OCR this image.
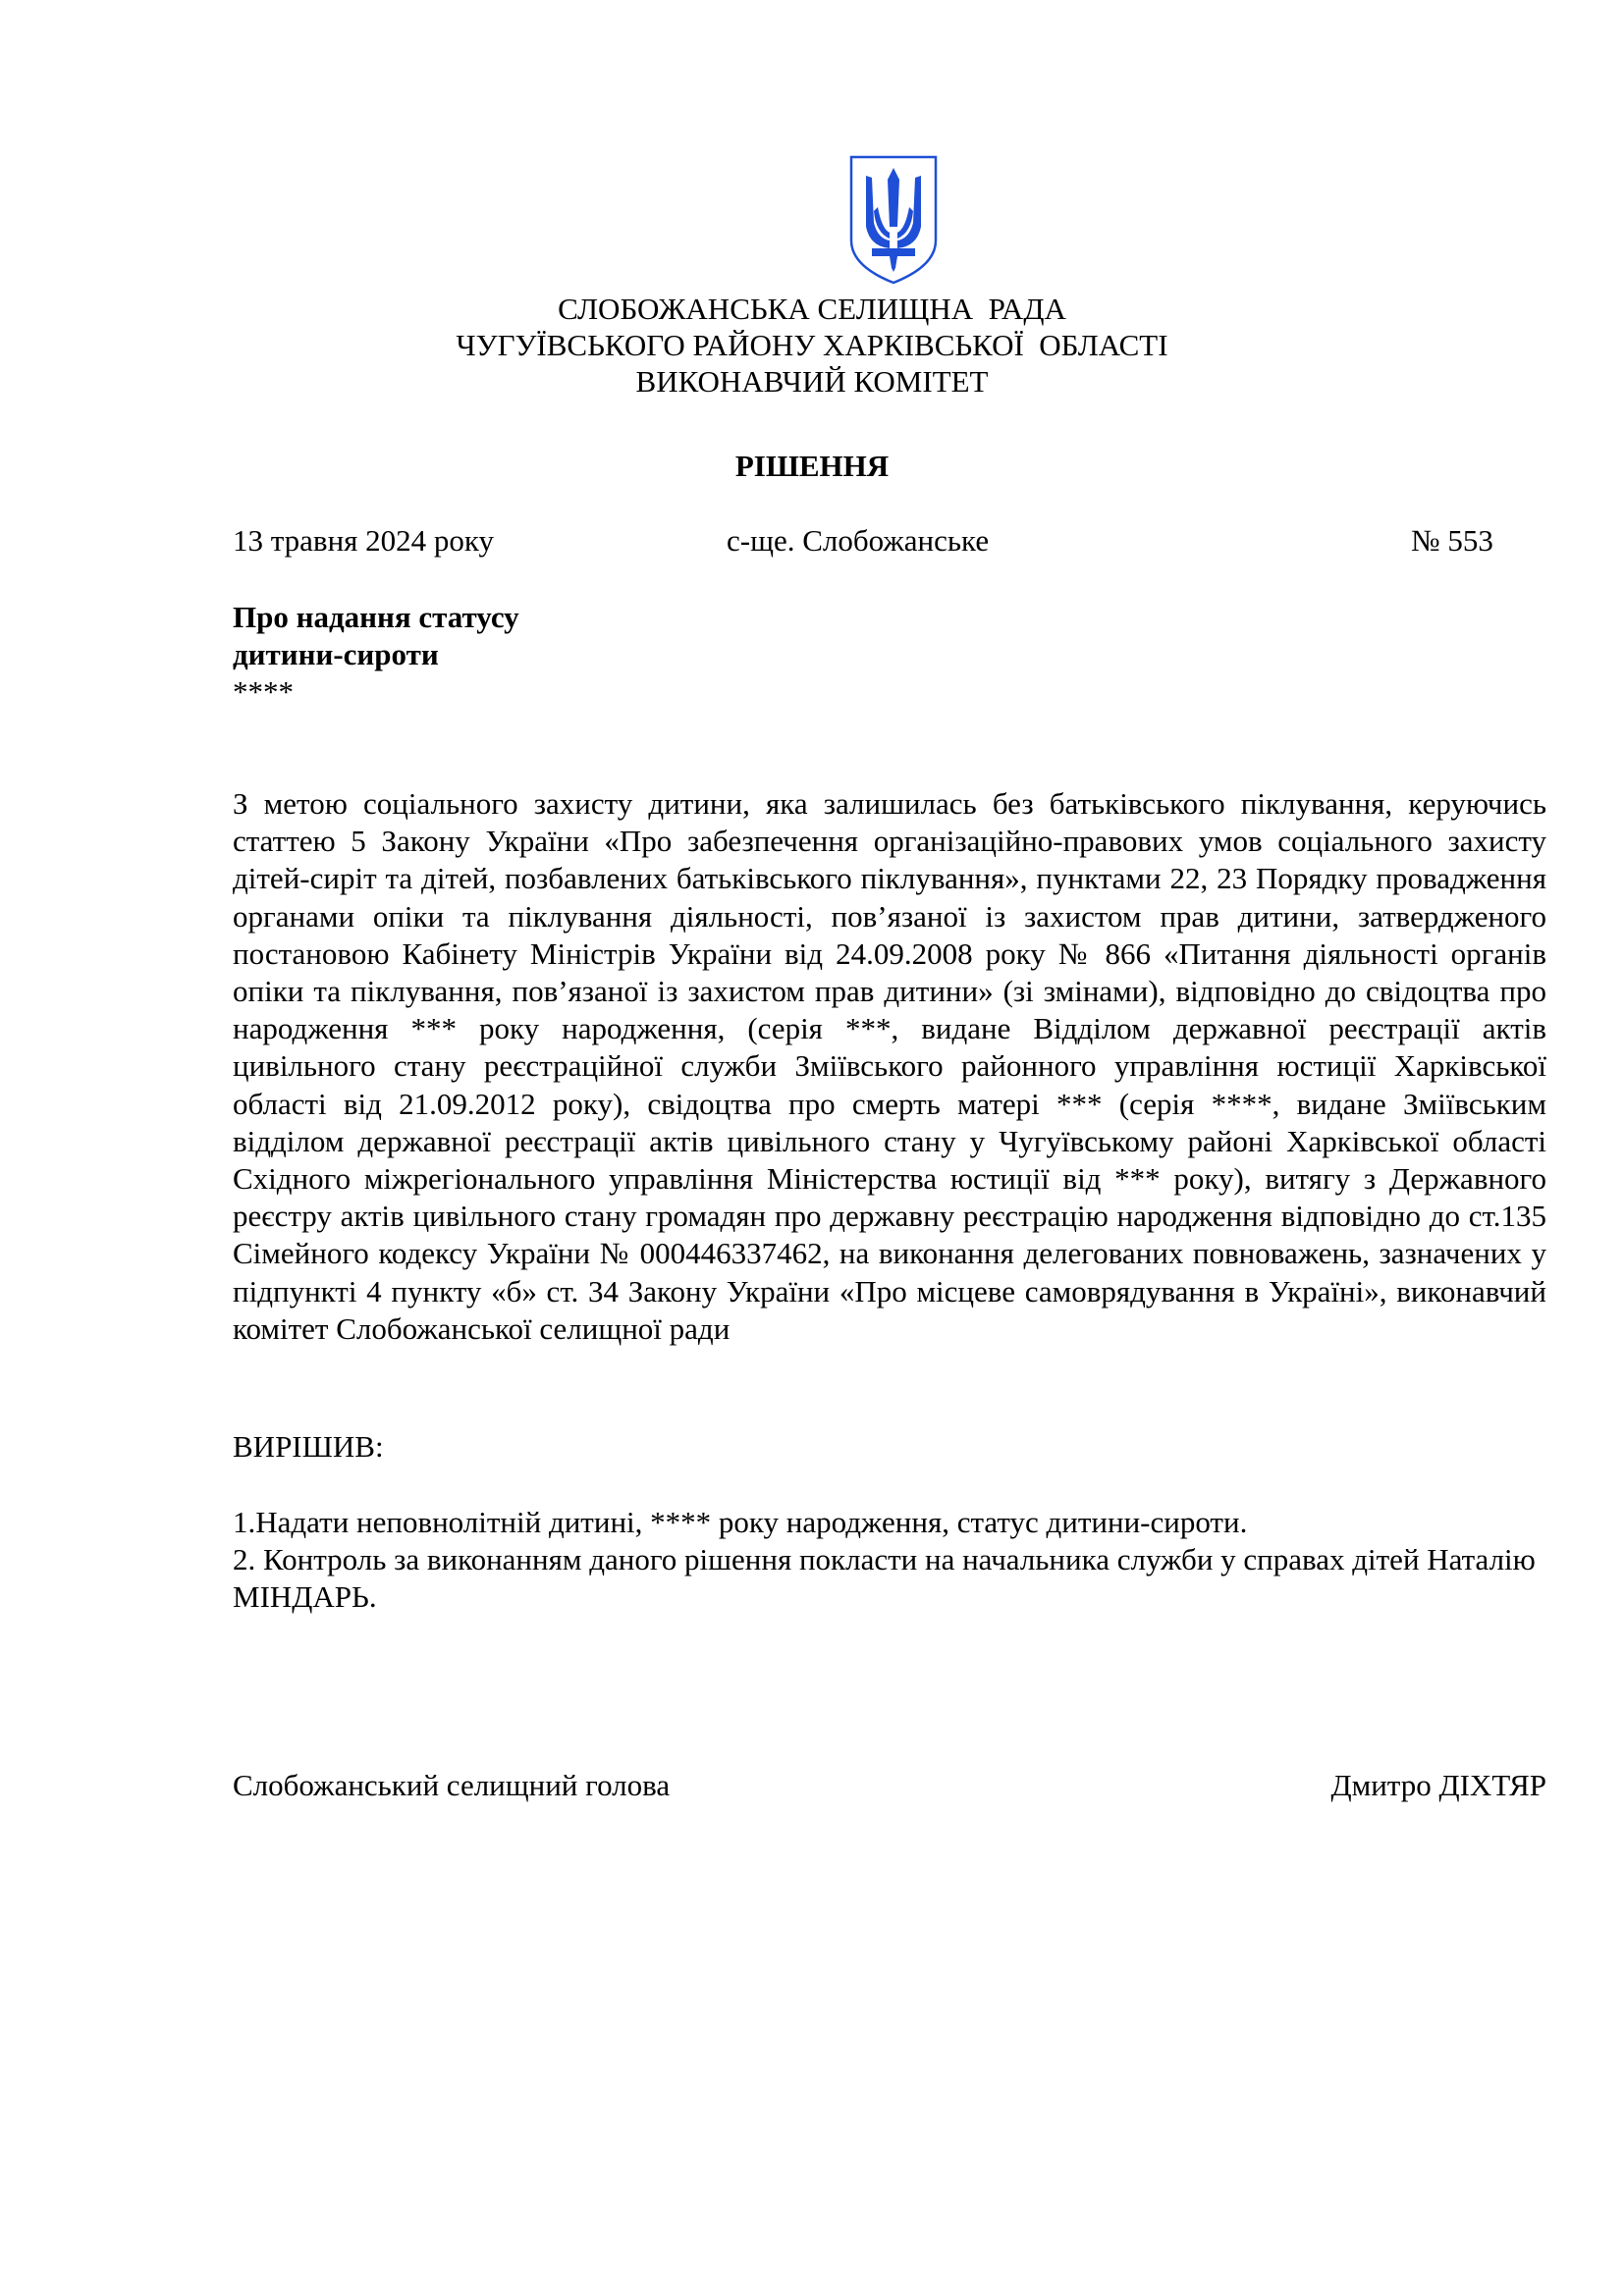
СЛОБОЖАНСЬКА СЕЛИЩНА  РАДА
ЧУГУЇВСЬКОГО РАЙОНУ ХАРКІВСЬКОЇ  ОБЛАСТІ
ВИКОНАВЧИЙ КОМІТЕТ
РІШЕННЯ
13 травня 2024 року	с-ще. Слобожанське	№ 553
Про надання статусу
дитини-сироти
****
З метою соціального захисту дитини, яка залишилась без батьківського піклування, керуючись статтею 5 Закону України «Про забезпечення організаційно-правових умов соціального захисту дітей-сиріт та дітей, позбавлених батьківського піклування», пунктами 22, 23 Порядку провадження органами опіки та піклування діяльності, пов’язаної із захистом прав дитини, затвердженого постановою Кабінету Міністрів України від 24.09.2008 року № 866 «Питання діяльності органів опіки та піклування, пов’язаної із захистом прав дитини» (зі змінами), відповідно до свідоцтва про народження *** року народження, (серія ***, видане Відділом державної реєстрації актів цивільного стану реєстраційної служби Зміївського районного управління юстиції Харківської області від 21.09.2012 року), свідоцтва про смерть матері *** (серія ****, видане Зміївським відділом державної реєстрації актів цивільного стану у Чугуївському районі Харківської області Східного міжрегіонального управління Міністерства юстиції від *** року), витягу з Державного реєстру актів цивільного стану громадян про державну реєстрацію народження відповідно до ст.135 Сімейного кодексу України № 000446337462, на виконання делегованих повноважень, зазначених у підпункті 4 пункту «б» ст. 34 Закону України «Про місцеве самоврядування в Україні», виконавчий комітет Слобожанської селищної ради
ВИРІШИВ:
1.Надати неповнолітній дитині, **** року народження, статус дитини-сироти.
2. Контроль за виконанням даного рішення покласти на начальника служби у справах дітей Наталію МІНДАРЬ.
Слобожанський селищний голова	Дмитро ДІХТЯР
